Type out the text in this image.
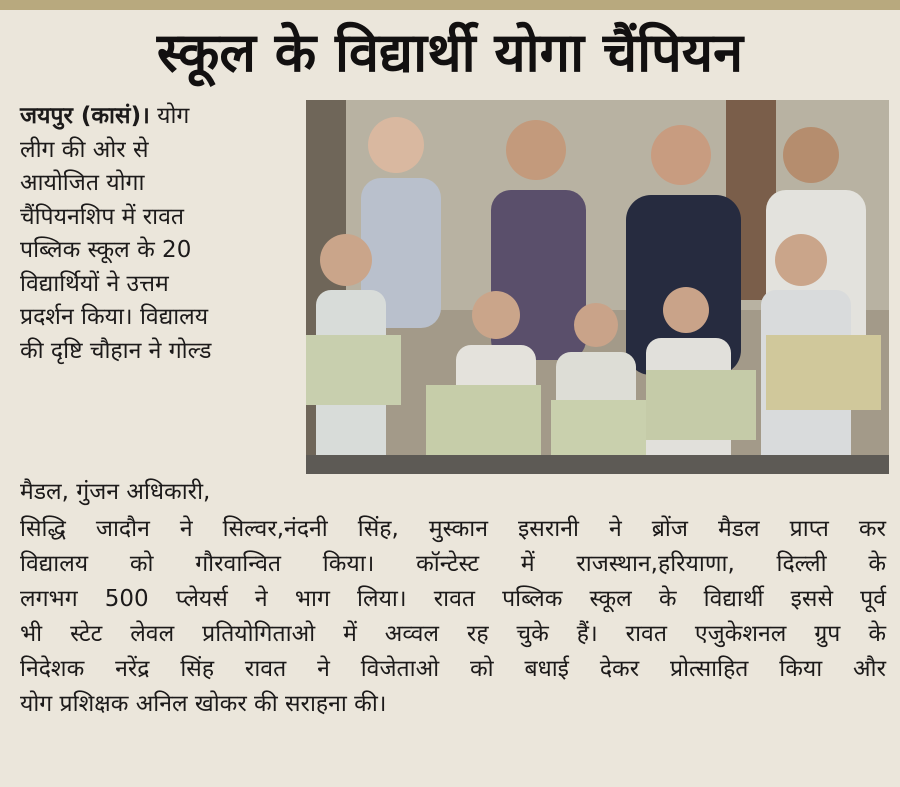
स्कूल के विद्यार्थी योगा चैंपियन
जयपुर (कासं)। योग
लीग की ओर से
आयोजित योगा
चैंपियनशिप में रावत
पब्लिक स्कूल के 20
विद्यार्थियों ने उत्तम
प्रदर्शन किया। विद्यालय
की दृष्टि चौहान ने गोल्ड
मैडल, गुंजन अधिकारी,
सिद्धि जादौन ने सिल्वर,नंदनी सिंह, मुस्कान इसरानी ने ब्रोंज मैडल प्राप्त कर
विद्यालय को गौरवान्वित किया। कॉन्टेस्ट में राजस्थान,हरियाणा, दिल्ली के
लगभग 500 प्लेयर्स ने भाग लिया। रावत पब्लिक स्कूल के विद्यार्थी इससे पूर्व
भी स्टेट लेवल प्रतियोगिताओ में अव्वल रह चुके हैं। रावत एजुकेशनल ग्रुप के
निदेशक नरेंद्र सिंह रावत ने विजेताओ को बधाई देकर प्रोत्साहित किया और
योग प्रशिक्षक अनिल खोकर की सराहना की।
